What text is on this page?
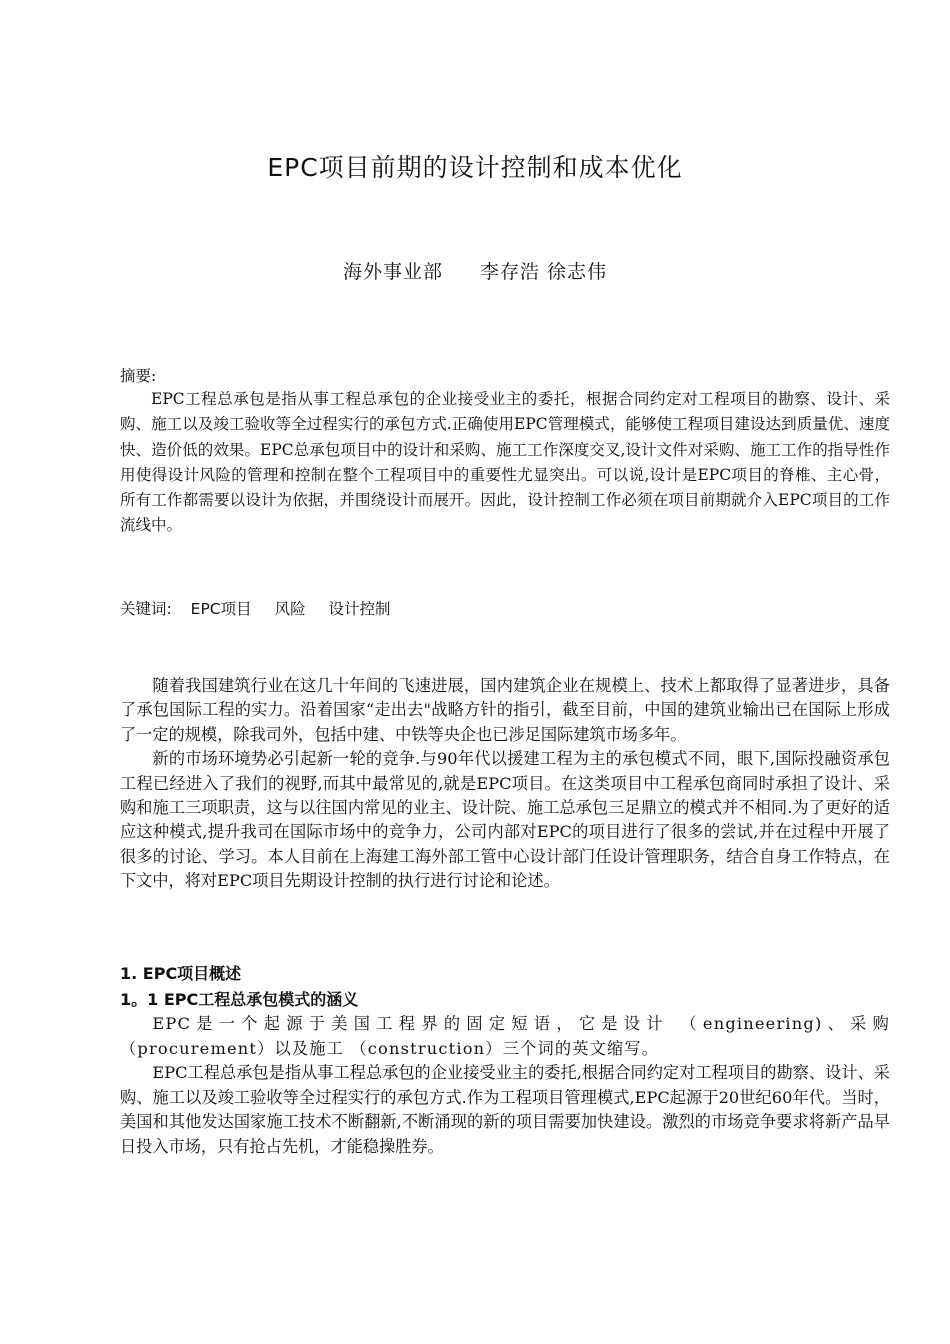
EPC项目前期的设计控制和成本优化
海外事业部 李存浩 徐志伟
摘要:

EPC工程总承包是指从事工程总承包的企业接受业主的委托，根据合同约定对工程项目的勘察、设计、采购、施工以及竣工验收等全过程实行的承包方式.正确使用EPC管理模式，能够使工程项目建设达到质量优、速度快、造价低的效果。EPC总承包项目中的设计和采购、施工工作深度交叉,设计文件对采购、施工工作的指导性作用使得设计风险的管理和控制在整个工程项目中的重要性尤显突出。可以说,设计是EPC项目的脊椎、主心骨， 所有工作都需要以设计为依据，并围绕设计而展开。因此，设计控制工作必须在项目前期就介入EPC项目的工作流线中。

关键词: EPC项目 风险 设计控制

随着我国建筑行业在这几十年间的飞速进展，国内建筑企业在规模上、技术上都取得了显著进步，具备了承包国际工程的实力。沿着国家“走出去"战略方针的指引，截至目前，中国的建筑业输出已在国际上形成了一定的规模，除我司外，包括中建、中铁等央企也已涉足国际建筑市场多年。

新的市场环境势必引起新一轮的竞争.与90年代以援建工程为主的承包模式不同，眼下,国际投融资承包工程已经进入了我们的视野,而其中最常见的,就是EPC项目。在这类项目中工程承包商同时承担了设计、采购和施工三项职责，这与以往国内常见的业主、设计院、施工总承包三足鼎立的模式并不相同.为了更好的适应这种模式,提升我司在国际市场中的竞争力，公司内部对EPC的项目进行了很多的尝试,并在过程中开展了很多的讨论、学习。本人目前在上海建工海外部工管中心设计部门任设计管理职务，结合自身工作特点，在下文中，将对EPC项目先期设计控制的执行进行讨论和论述。

1. EPC项目概述
1。1 EPC工程总承包模式的涵义

EPC是一个起源于美国工程界的固定短语，它是设计 （engineering)、采购（procurement）以及施工 （construction）三个词的英文缩写。

EPC工程总承包是指从事工程总承包的企业接受业主的委托,根据合同约定对工程项目的勘察、设计、采购、施工以及竣工验收等全过程实行的承包方式.作为工程项目管理模式,EPC起源于20世纪60年代。当时，美国和其他发达国家施工技术不断翻新,不断涌现的新的项目需要加快建设。激烈的市场竞争要求将新产品早日投入市场，只有抢占先机，才能稳操胜券。
